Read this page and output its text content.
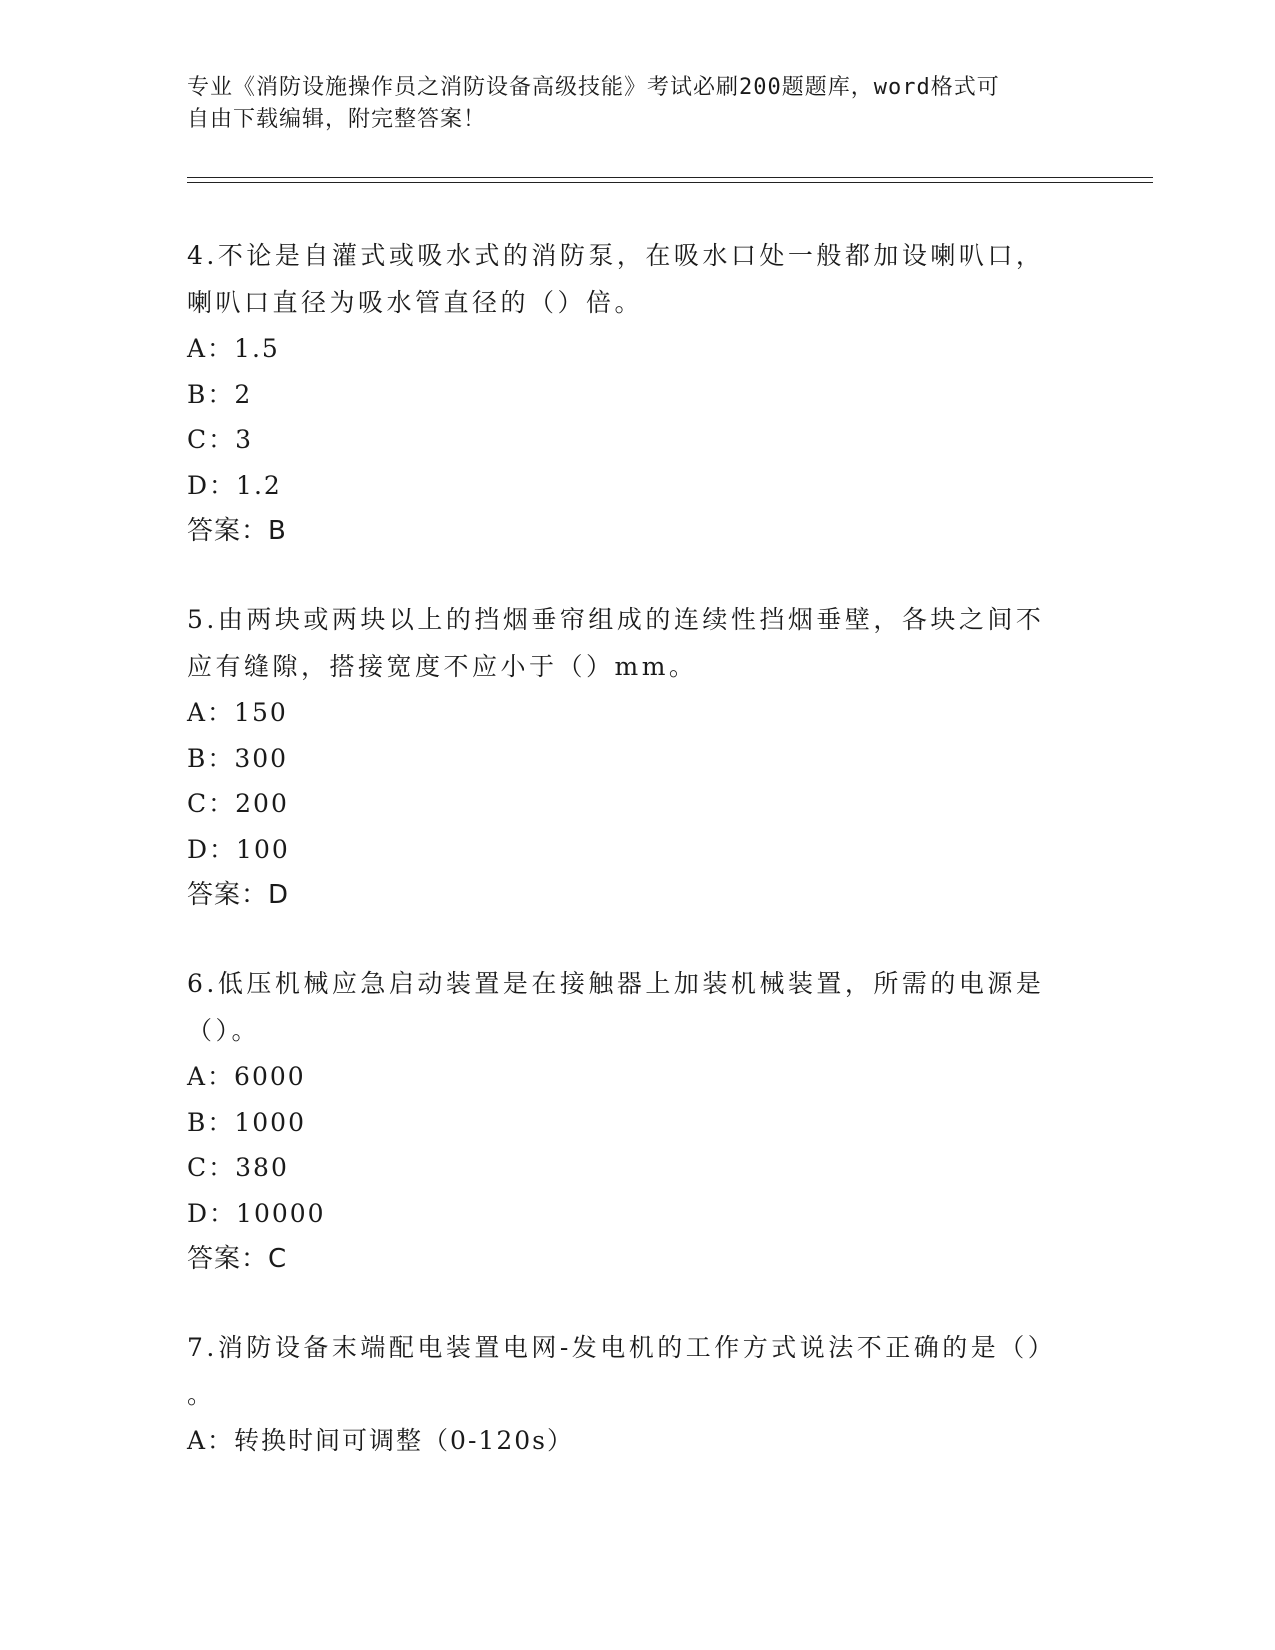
专业《消防设施操作员之消防设备高级技能》考试必刷200题题库，word格式可
自由下载编辑，附完整答案！

4.不论是自灌式或吸水式的消防泵，在吸水口处一般都加设喇叭口，

喇叭口直径为吸水管直径的（）倍。

A：1.5

B：2

C：3

D：1.2

答案：B

5.由两块或两块以上的挡烟垂帘组成的连续性挡烟垂壁，各块之间不

应有缝隙，搭接宽度不应小于（）mm。

A：150

B：300

C：200

D：100

答案：D

6.低压机械应急启动装置是在接触器上加装机械装置，所需的电源是

（）。

A：6000

B：1000

C：380

D：10000

答案：C

7.消防设备末端配电装置电网-发电机的工作方式说法不正确的是（）

。

A：转换时间可调整（0-120s）
